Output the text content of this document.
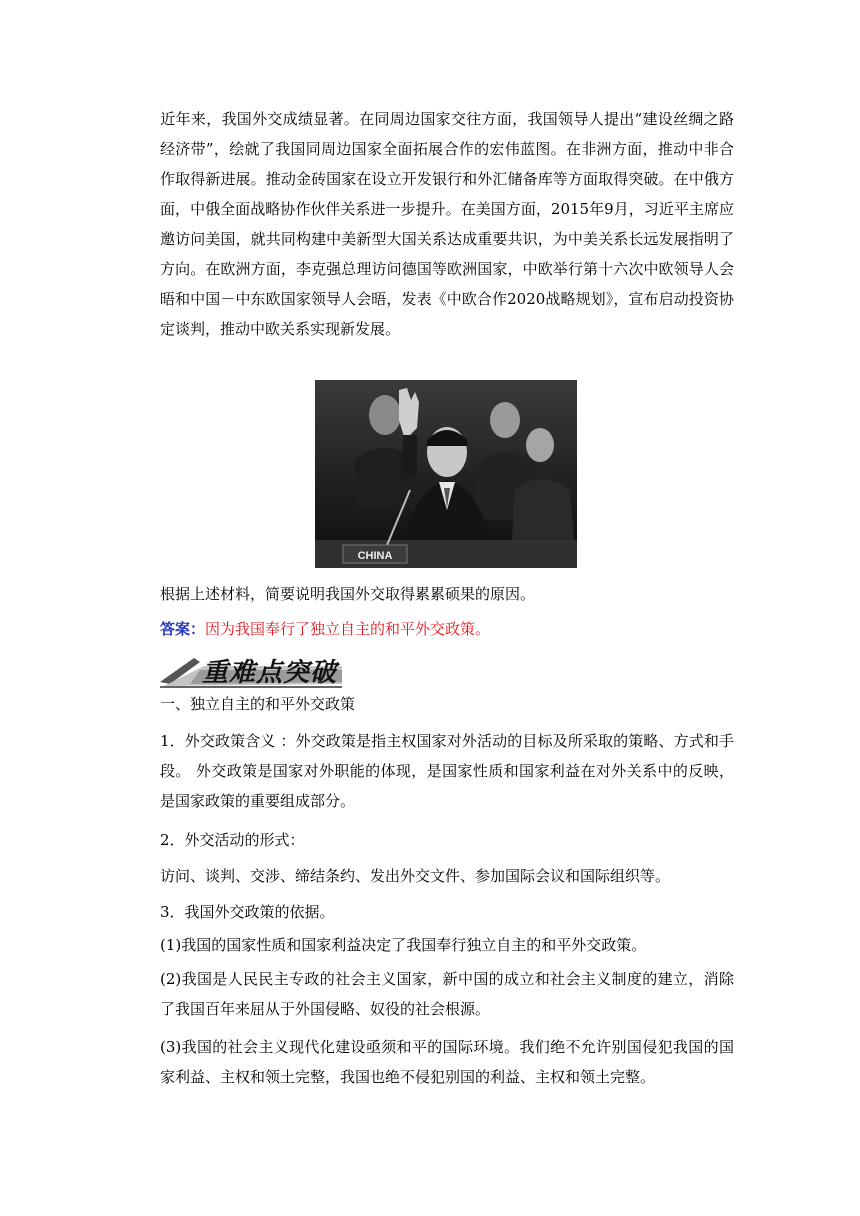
近年来，我国外交成绩显著。在同周边国家交往方面，我国领导人提出“建设丝绸之路经济带”，绘就了我国同周边国家全面拓展合作的宏伟蓝图。在非洲方面，推动中非合作取得新进展。推动金砖国家在设立开发银行和外汇储备库等方面取得突破。在中俄方面，中俄全面战略协作伙伴关系进一步提升。在美国方面，2015年9月，习近平主席应邀访问美国，就共同构建中美新型大国关系达成重要共识，为中美关系长远发展指明了方向。在欧洲方面，李克强总理访问德国等欧洲国家，中欧举行第十六次中欧领导人会晤和中国－中东欧国家领导人会晤，发表《中欧合作2020战略规划》，宣布启动投资协定谈判，推动中欧关系实现新发展。

CHINA

根据上述材料，简要说明我国外交取得累累硕果的原因。

答案：因为我国奉行了独立自主的和平外交政策。

重难点突破

一、独立自主的和平外交政策

1．外交政策含义 ：外交政策是指主权国家对外活动的目标及所采取的策略、方式和手段。 外交政策是国家对外职能的体现，是国家性质和国家利益在对外关系中的反映，是国家政策的重要组成部分。

2．外交活动的形式：

访问、谈判、交涉、缔结条约、发出外交文件、参加国际会议和国际组织等。

3．我国外交政策的依据。

(1)我国的国家性质和国家利益决定了我国奉行独立自主的和平外交政策。

(2)我国是人民民主专政的社会主义国家，新中国的成立和社会主义制度的建立，消除了我国百年来屈从于外国侵略、奴役的社会根源。

(3)我国的社会主义现代化建设亟须和平的国际环境。我们绝不允许别国侵犯我国的国家利益、主权和领土完整，我国也绝不侵犯别国的利益、主权和领土完整。
